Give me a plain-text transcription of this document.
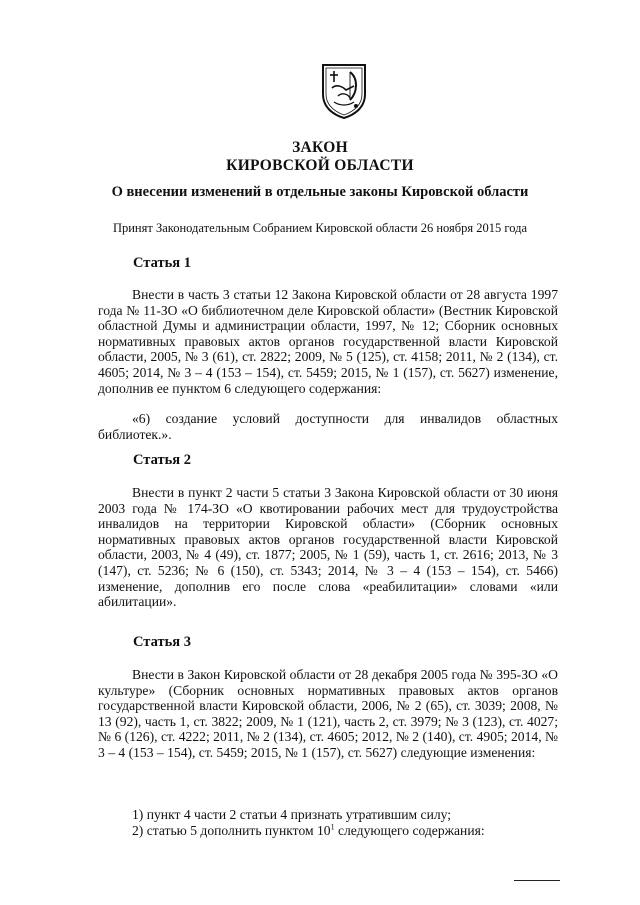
ЗАКОН
КИРОВСКОЙ ОБЛАСТИ
О внесении изменений в отдельные законы Кировской области
Принят Законодательным Собранием Кировской области 26 ноября 2015 года
Статья 1
Внести в часть 3 статьи 12 Закона Кировской области от 28 августа 1997 года № 11-ЗО «О библиотечном деле Кировской области» (Вестник Кировской областной Думы и администрации области, 1997, № 12; Сборник основных нормативных правовых актов органов государственной власти Кировской области, 2005, № 3 (61), ст. 2822; 2009, № 5 (125), ст. 4158; 2011, № 2 (134), ст. 4605; 2014, № 3 – 4 (153 – 154), ст. 5459; 2015, № 1 (157), ст. 5627) изменение, дополнив ее пунктом 6 следующего содержания:
«6) создание условий доступности для инвалидов областных библиотек.».
Статья 2
Внести в пункт 2 части 5 статьи 3 Закона Кировской области от 30 июня 2003 года № 174-ЗО «О квотировании рабочих мест для трудоустройства инвалидов на территории Кировской области» (Сборник основных нормативных правовых актов органов государственной власти Кировской области, 2003, № 4 (49), ст. 1877; 2005, № 1 (59), часть 1, ст. 2616; 2013, № 3 (147), ст. 5236; № 6 (150), ст. 5343; 2014, № 3 – 4 (153 – 154), ст. 5466) изменение, дополнив его после слова «реабилитации» словами «или абилитации».
Статья 3
Внести в Закон Кировской области от 28 декабря 2005 года № 395-ЗО «О культуре» (Сборник основных нормативных правовых актов органов государственной власти Кировской области, 2006, № 2 (65), ст. 3039; 2008, № 13 (92), часть 1, ст. 3822; 2009, № 1 (121), часть 2, ст. 3979; № 3 (123), ст. 4027; № 6 (126), ст. 4222; 2011, № 2 (134), ст. 4605; 2012, № 2 (140), ст. 4905; 2014, № 3 – 4 (153 – 154), ст. 5459; 2015, № 1 (157), ст. 5627) следующие изменения:
1) пункт 4 части 2 статьи 4 признать утратившим силу;
2) статью 5 дополнить пунктом $10^1$ следующего содержания:
